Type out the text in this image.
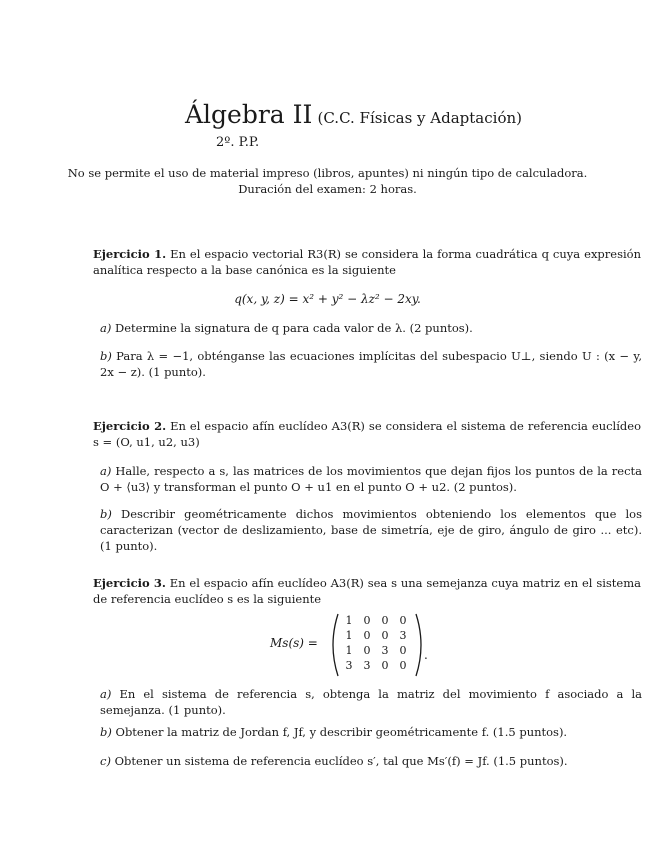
Álgebra II (C.C. Físicas y Adaptación)
2º. P.P.
No se permite el uso de material impreso (libros, apuntes) ni ningún tipo de calculadora.
Duración del examen: 2 horas.
Ejercicio 1. En el espacio vectorial R3(R) se considera la forma cuadrática q cuya expresión analítica respecto a la base canónica es la siguiente
q(x, y, z) = x² + y² − λz² − 2xy.
a) Determine la signatura de q para cada valor de λ. (2 puntos).
b) Para λ = −1, obténganse las ecuaciones implícitas del subespacio U⊥, siendo U : (x − y, 2x − z). (1 punto).
Ejercicio 2. En el espacio afín euclídeo A3(R) se considera el sistema de referencia euclídeo s = (O, u1, u2, u3)
a) Halle, respecto a s, las matrices de los movimientos que dejan fijos los puntos de la recta O + ⟨u3⟩ y transforman el punto O + u1 en el punto O + u2. (2 puntos).
b) Describir geométricamente dichos movimientos obteniendo los elementos que los caracterizan (vector de deslizamiento, base de simetría, eje de giro, ángulo de giro ... etc). (1 punto).
Ejercicio 3. En el espacio afín euclídeo A3(R) sea s una semejanza cuya matriz en el sistema de referencia euclídeo s es la siguiente
Ms(s) =
1	0	0	0
1	0	0	3
1	0	3	0
3	3	0	0
.
a) En el sistema de referencia s, obtenga la matriz del movimiento f asociado a la semejanza. (1 punto).
b) Obtener la matriz de Jordan f, Jf, y describir geométricamente f. (1.5 puntos).
c) Obtener un sistema de referencia euclídeo s′, tal que Ms′(f) = Jf. (1.5 puntos).
